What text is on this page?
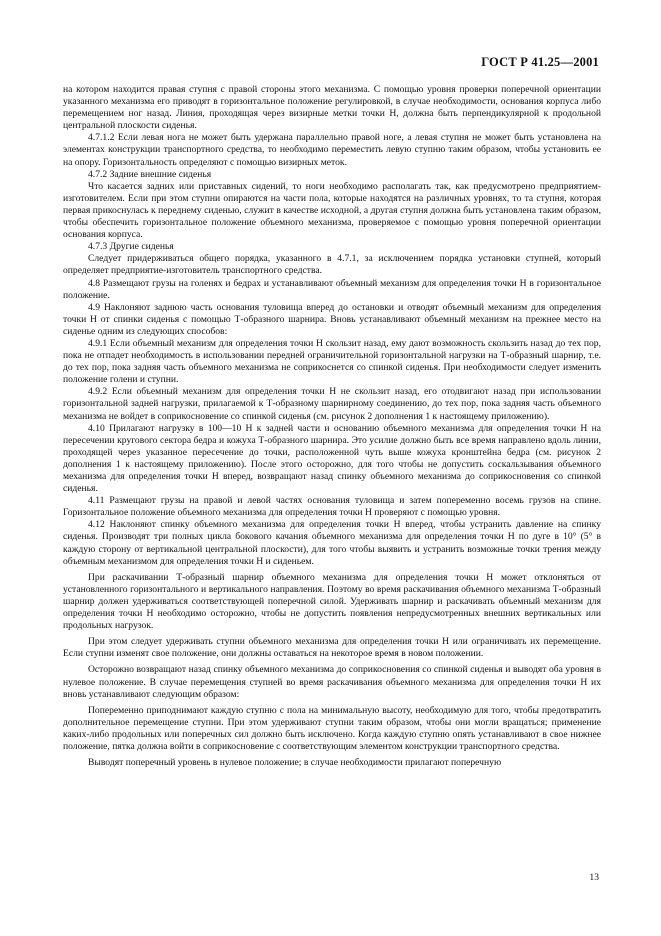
ГОСТ Р 41.25—2001

на котором находится правая ступня с правой стороны этого механизма. С помощью уровня проверки поперечной ориентации указанного механизма его приводят в горизонтальное положение регулировкой, в случае необходимости, основания корпуса либо перемещением ног назад. Линия, проходящая через визирные метки точки Н, должна быть перпендикулярной к продольной центральной плоскости сиденья.

4.7.1.2 Если левая нога не может быть удержана параллельно правой ноге, а левая ступня не может быть установлена на элементах конструкции транспортного средства, то необходимо переместить левую ступню таким образом, чтобы установить ее на опору. Горизонтальность определяют с помощью визирных меток.

4.7.2 Задние внешние сиденья

Что касается задних или приставных сидений, то ноги необходимо располагать так, как предусмотрено предприятием-изготовителем. Если при этом ступни опираются на части пола, которые находятся на различных уровнях, то та ступня, которая первая прикоснулась к переднему сиденью, служит в качестве исходной, а другая ступня должна быть установлена таким образом, чтобы обеспечить горизонтальное положение объемного механизма, проверяемое с помощью уровня поперечной ориентации основания корпуса.

4.7.3 Другие сиденья

Следует придерживаться общего порядка, указанного в 4.7.1, за исключением порядка установки ступней, который определяет предприятие-изготовитель транспортного средства.

4.8 Размещают грузы на голенях и бедрах и устанавливают объемный механизм для определения точки Н в горизонтальное положение.

4.9 Наклоняют заднюю часть основания туловища вперед до остановки и отводят объемный механизм для определения точки Н от спинки сиденья с помощью Т-образного шарнира. Вновь устанавливают объемный механизм на прежнее место на сиденье одним из следующих способов:

4.9.1 Если объемный механизм для определения точки Н скользит назад, ему дают возможность скользить назад до тех пор, пока не отпадет необходимость в использовании передней ограничительной горизонтальной нагрузки на Т-образный шарнир, т.е. до тех пор, пока задняя часть объемного механизма не соприкоснется со спинкой сиденья. При необходимости следует изменить положение голени и ступни.

4.9.2 Если объемный механизм для определения точки Н не скользит назад, его отодвигают назад при использовании горизонтальной задней нагрузки, прилагаемой к Т-образному шарнирному соединению, до тех пор, пока задняя часть объемного механизма не войдет в соприкосновение со спинкой сиденья (см. рисунок 2 дополнения 1 к настоящему приложению).

4.10 Прилагают нагрузку в 100—10 Н к задней части и основанию объемного механизма для определения точки Н на пересечении кругового сектора бедра и кожуха Т-образного шарнира. Это усилие должно быть все время направлено вдоль линии, проходящей через указанное пересечение до точки, расположенной чуть выше кожуха кронштейна бедра (см. рисунок 2 дополнения 1 к настоящему приложению). После этого осторожно, для того чтобы не допустить соскальзывания объемного механизма для определения точки Н вперед, возвращают назад спинку объемного механизма до соприкосновения со спинкой сиденья.

4.11 Размещают грузы на правой и левой частях основания туловища и затем попеременно восемь грузов на спине. Горизонтальное положение объемного механизма для определения точки Н проверяют с помощью уровня.

4.12 Наклоняют спинку объемного механизма для определения точки Н вперед, чтобы устранить давление на спинку сиденья. Производят три полных цикла бокового качания объемного механизма для определения точки Н по дуге в 10° (5° в каждую сторону от вертикальной центральной плоскости), для того чтобы выявить и устранить возможные точки трения между объемным механизмом для определения точки Н и сиденьем.

При раскачивании Т-образный шарнир объемного механизма для определения точки Н может отклоняться от установленного горизонтального и вертикального направления. Поэтому во время раскачивания объемного механизма Т-образный шарнир должен удерживаться соответствующей поперечной силой. Удерживать шарнир и раскачивать объемный механизм для определения точки Н необходимо осторожно, чтобы не допустить появления непредусмотренных внешних вертикальных или продольных нагрузок.

При этом следует удерживать ступни объемного механизма для определения точки Н или ограничивать их перемещение. Если ступни изменят свое положение, они должны оставаться на некоторое время в новом положении.

Осторожно возвращают назад спинку объемного механизма до соприкосновения со спинкой сиденья и выводят оба уровня в нулевое положение. В случае перемещения ступней во время раскачивания объемного механизма для определения точки Н их вновь устанавливают следующим образом:

Попеременно приподнимают каждую ступню с пола на минимальную высоту, необходимую для того, чтобы предотвратить дополнительное перемещение ступни. При этом удерживают ступни таким образом, чтобы они могли вращаться; применение каких-либо продольных или поперечных сил должно быть исключено. Когда каждую ступню опять устанавливают в свое нижнее положение, пятка должна войти в соприкосновение с соответствующим элементом конструкции транспортного средства.

Выводят поперечный уровень в нулевое положение; в случае необходимости прилагают поперечную

13
